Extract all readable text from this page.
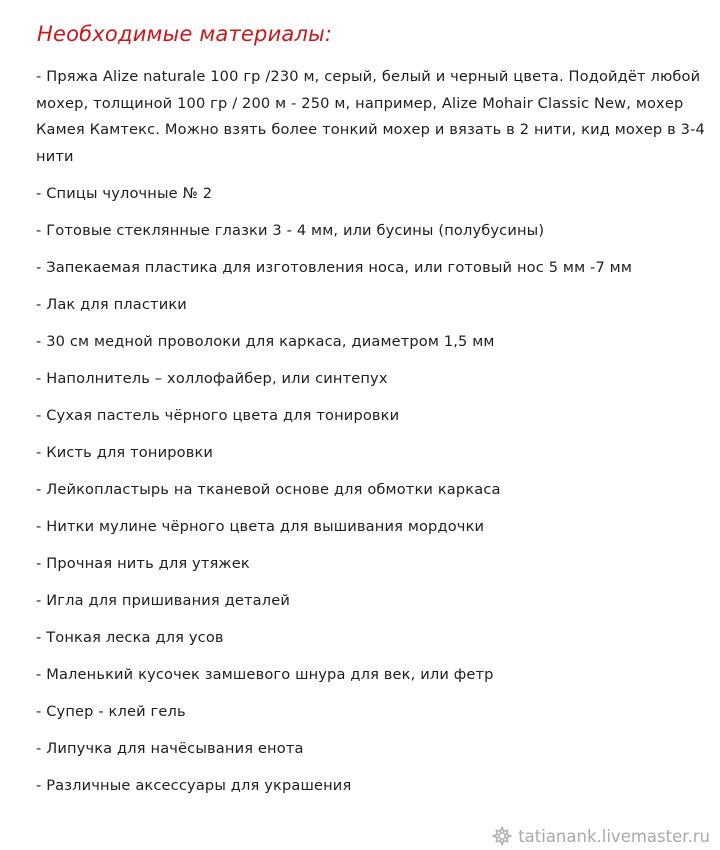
Необходимые материалы:
- Пряжа Alize naturale 100 гр /230 м, серый, белый и черный цвета. Подойдёт любой мохер, толщиной 100 гр / 200 м - 250 м, например, Alize Mohair Classic New, мохер Камея Камтекс. Можно взять более тонкий мохер и вязать в 2 нити, кид мохер в 3-4 нити
- Спицы чулочные № 2
- Готовые стеклянные глазки 3 - 4 мм, или бусины (полубусины)
- Запекаемая пластика для изготовления носа, или готовый нос 5 мм -7 мм
- Лак для пластики
- 30 см медной проволоки для каркаса, диаметром 1,5 мм
- Наполнитель – холлофайбер, или синтепух
- Сухая пастель чёрного цвета для тонировки
- Кисть для тонировки
- Лейкопластырь на тканевой основе для обмотки каркаса
- Нитки мулине чёрного цвета для вышивания мордочки
- Прочная нить для утяжек
- Игла для пришивания деталей
- Тонкая леска для усов
- Маленький кусочек замшевого шнура для век, или фетр
- Супер - клей гель
- Липучка для начёсывания енота
- Различные аксессуары для украшения
tatianank.livemaster.ru
